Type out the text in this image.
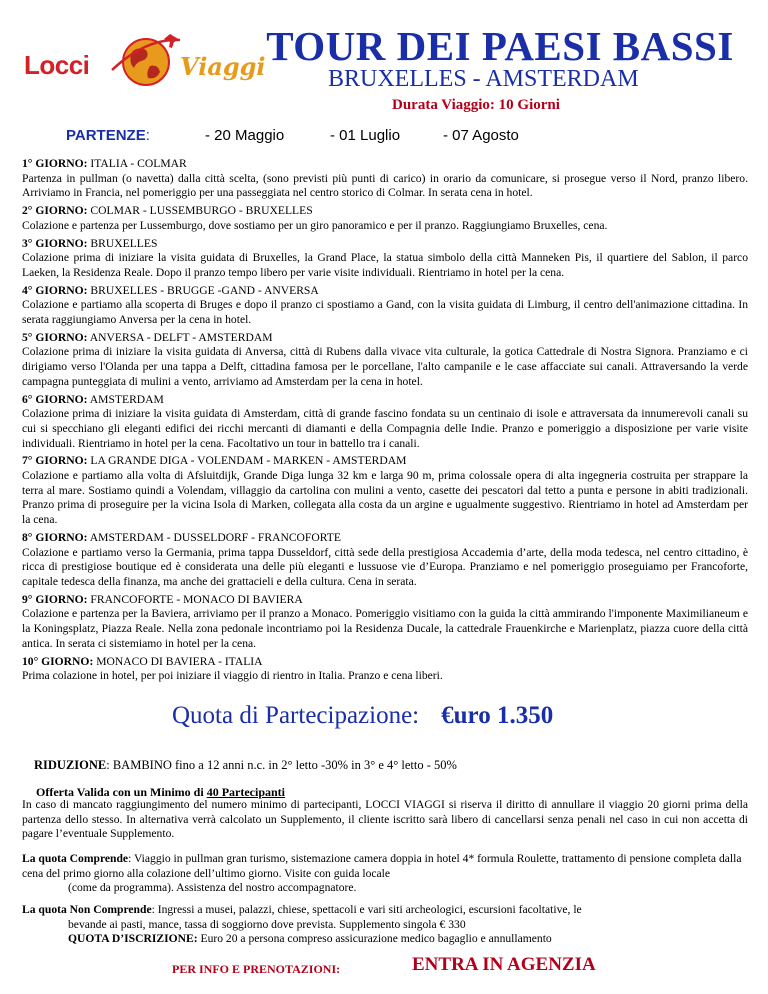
Locci	Viaggi TOUR DEI PAESI BASSI
BRUXELLES - AMSTERDAM
Durata Viaggio: 10 Giorni
PARTENZE:	- 20 Maggio	- 01 Luglio	- 07 Agosto
1° GIORNO: ITALIA - COLMAR
Partenza in pullman (o navetta) dalla città scelta, (sono previsti più punti di carico) in orario da comunicare, si prosegue verso il Nord, pranzo libero. Arriviamo in Francia, nel pomeriggio per una passeggiata nel centro storico di Colmar. In serata cena in hotel.
2° GIORNO: COLMAR - LUSSEMBURGO - BRUXELLES
Colazione e partenza per Lussemburgo, dove sostiamo per un giro panoramico e per il pranzo. Raggiungiamo Bruxelles, cena.
3° GIORNO: BRUXELLES
Colazione prima di iniziare la visita guidata di Bruxelles, la Grand Place, la statua simbolo della città Manneken Pis, il quartiere del Sablon, il parco Laeken, la Residenza Reale. Dopo il pranzo tempo libero per varie visite individuali. Rientriamo in hotel per la cena.
4° GIORNO: BRUXELLES - BRUGGE -GAND - ANVERSA
Colazione e partiamo alla scoperta di Bruges e dopo il pranzo ci spostiamo a Gand, con la visita guidata di Limburg, il centro dell'animazione cittadina. In serata raggiungiamo Anversa per la cena in hotel.
5° GIORNO: ANVERSA - DELFT - AMSTERDAM
Colazione prima di iniziare la visita guidata di Anversa, città di Rubens dalla vivace vita culturale, la gotica Cattedrale di Nostra Signora. Pranziamo e ci dirigiamo verso l'Olanda per una tappa a Delft, cittadina famosa per le porcellane, l'alto campanile e le case affacciate sui canali. Attraversando la verde campagna punteggiata di mulini a vento, arriviamo ad Amsterdam per la cena in hotel.
6° GIORNO: AMSTERDAM
Colazione prima di iniziare la visita guidata di Amsterdam, città di grande fascino fondata su un centinaio di isole e attraversata da innumerevoli canali su cui si specchiano gli eleganti edifici dei ricchi mercanti di diamanti e della Compagnia delle Indie. Pranzo e pomeriggio a disposizione per varie visite individuali. Rientriamo in hotel per la cena. Facoltativo un tour in battello tra i canali.
7° GIORNO: LA GRANDE DIGA - VOLENDAM - MARKEN - AMSTERDAM
Colazione e partiamo alla volta di Afsluitdijk, Grande Diga lunga 32 km e larga 90 m, prima colossale opera di alta ingegneria costruita per strappare la terra al mare. Sostiamo quindi a Volendam, villaggio da cartolina con mulini a vento, casette dei pescatori dal tetto a punta e persone in abiti tradizionali. Pranzo prima di proseguire per la vicina Isola di Marken, collegata alla costa da un argine e ugualmente suggestivo. Rientriamo in hotel ad Amsterdam per la cena.
8° GIORNO: AMSTERDAM - DUSSELDORF - FRANCOFORTE
Colazione e partiamo verso la Germania, prima tappa Dusseldorf, città sede della prestigiosa Accademia d’arte, della moda tedesca, nel centro cittadino, è ricca di prestigiose boutique ed è considerata una delle più eleganti e lussuose vie d’Europa. Pranziamo e nel pomeriggio proseguiamo per Francoforte, capitale tedesca della finanza, ma anche dei grattacieli e della cultura. Cena in serata.
9° GIORNO: FRANCOFORTE - MONACO DI BAVIERA
Colazione e partenza per la Baviera, arriviamo per il pranzo a Monaco. Pomeriggio visitiamo con la guida la città ammirando l'imponente Maximilianeum e la Koningsplatz, Piazza Reale. Nella zona pedonale incontriamo poi la Residenza Ducale, la cattedrale Frauenkirche e Marienplatz, piazza cuore della città antica. In serata ci sistemiamo in hotel per la cena.
10° GIORNO: MONACO DI BAVIERA - ITALIA
Prima colazione in hotel, per poi iniziare il viaggio di rientro in Italia. Pranzo e cena liberi.
Quota di Partecipazione: €uro 1.350
RIDUZIONE: BAMBINO fino a 12 anni n.c. in 2° letto -30% in 3° e 4° letto - 50%
Offerta Valida con un Minimo di 40 Partecipanti
In caso di mancato raggiungimento del numero minimo di partecipanti, LOCCI VIAGGI si riserva il diritto di annullare il viaggio 20 giorni prima della partenza dello stesso. In alternativa verrà calcolato un Supplemento, il cliente iscritto sarà libero di cancellarsi senza penali nel caso in cui non accetta di pagare l’eventuale Supplemento.
La quota Comprende: Viaggio in pullman gran turismo, sistemazione camera doppia in hotel 4* formula Roulette, trattamento di pensione completa dalla cena del primo giorno alla colazione dell’ultimo giorno. Visite con guida locale
(come da programma). Assistenza del nostro accompagnatore.
La quota Non Comprende: Ingressi a musei, palazzi, chiese, spettacoli e vari siti archeologici, escursioni facoltative, le
bevande ai pasti, mance, tassa di soggiorno dove prevista. Supplemento singola € 330
QUOTA D’ISCRIZIONE: Euro 20 a persona compreso assicurazione medico bagaglio e annullamento
PER INFO E PRENOTAZIONI:	ENTRA IN AGENZIA
